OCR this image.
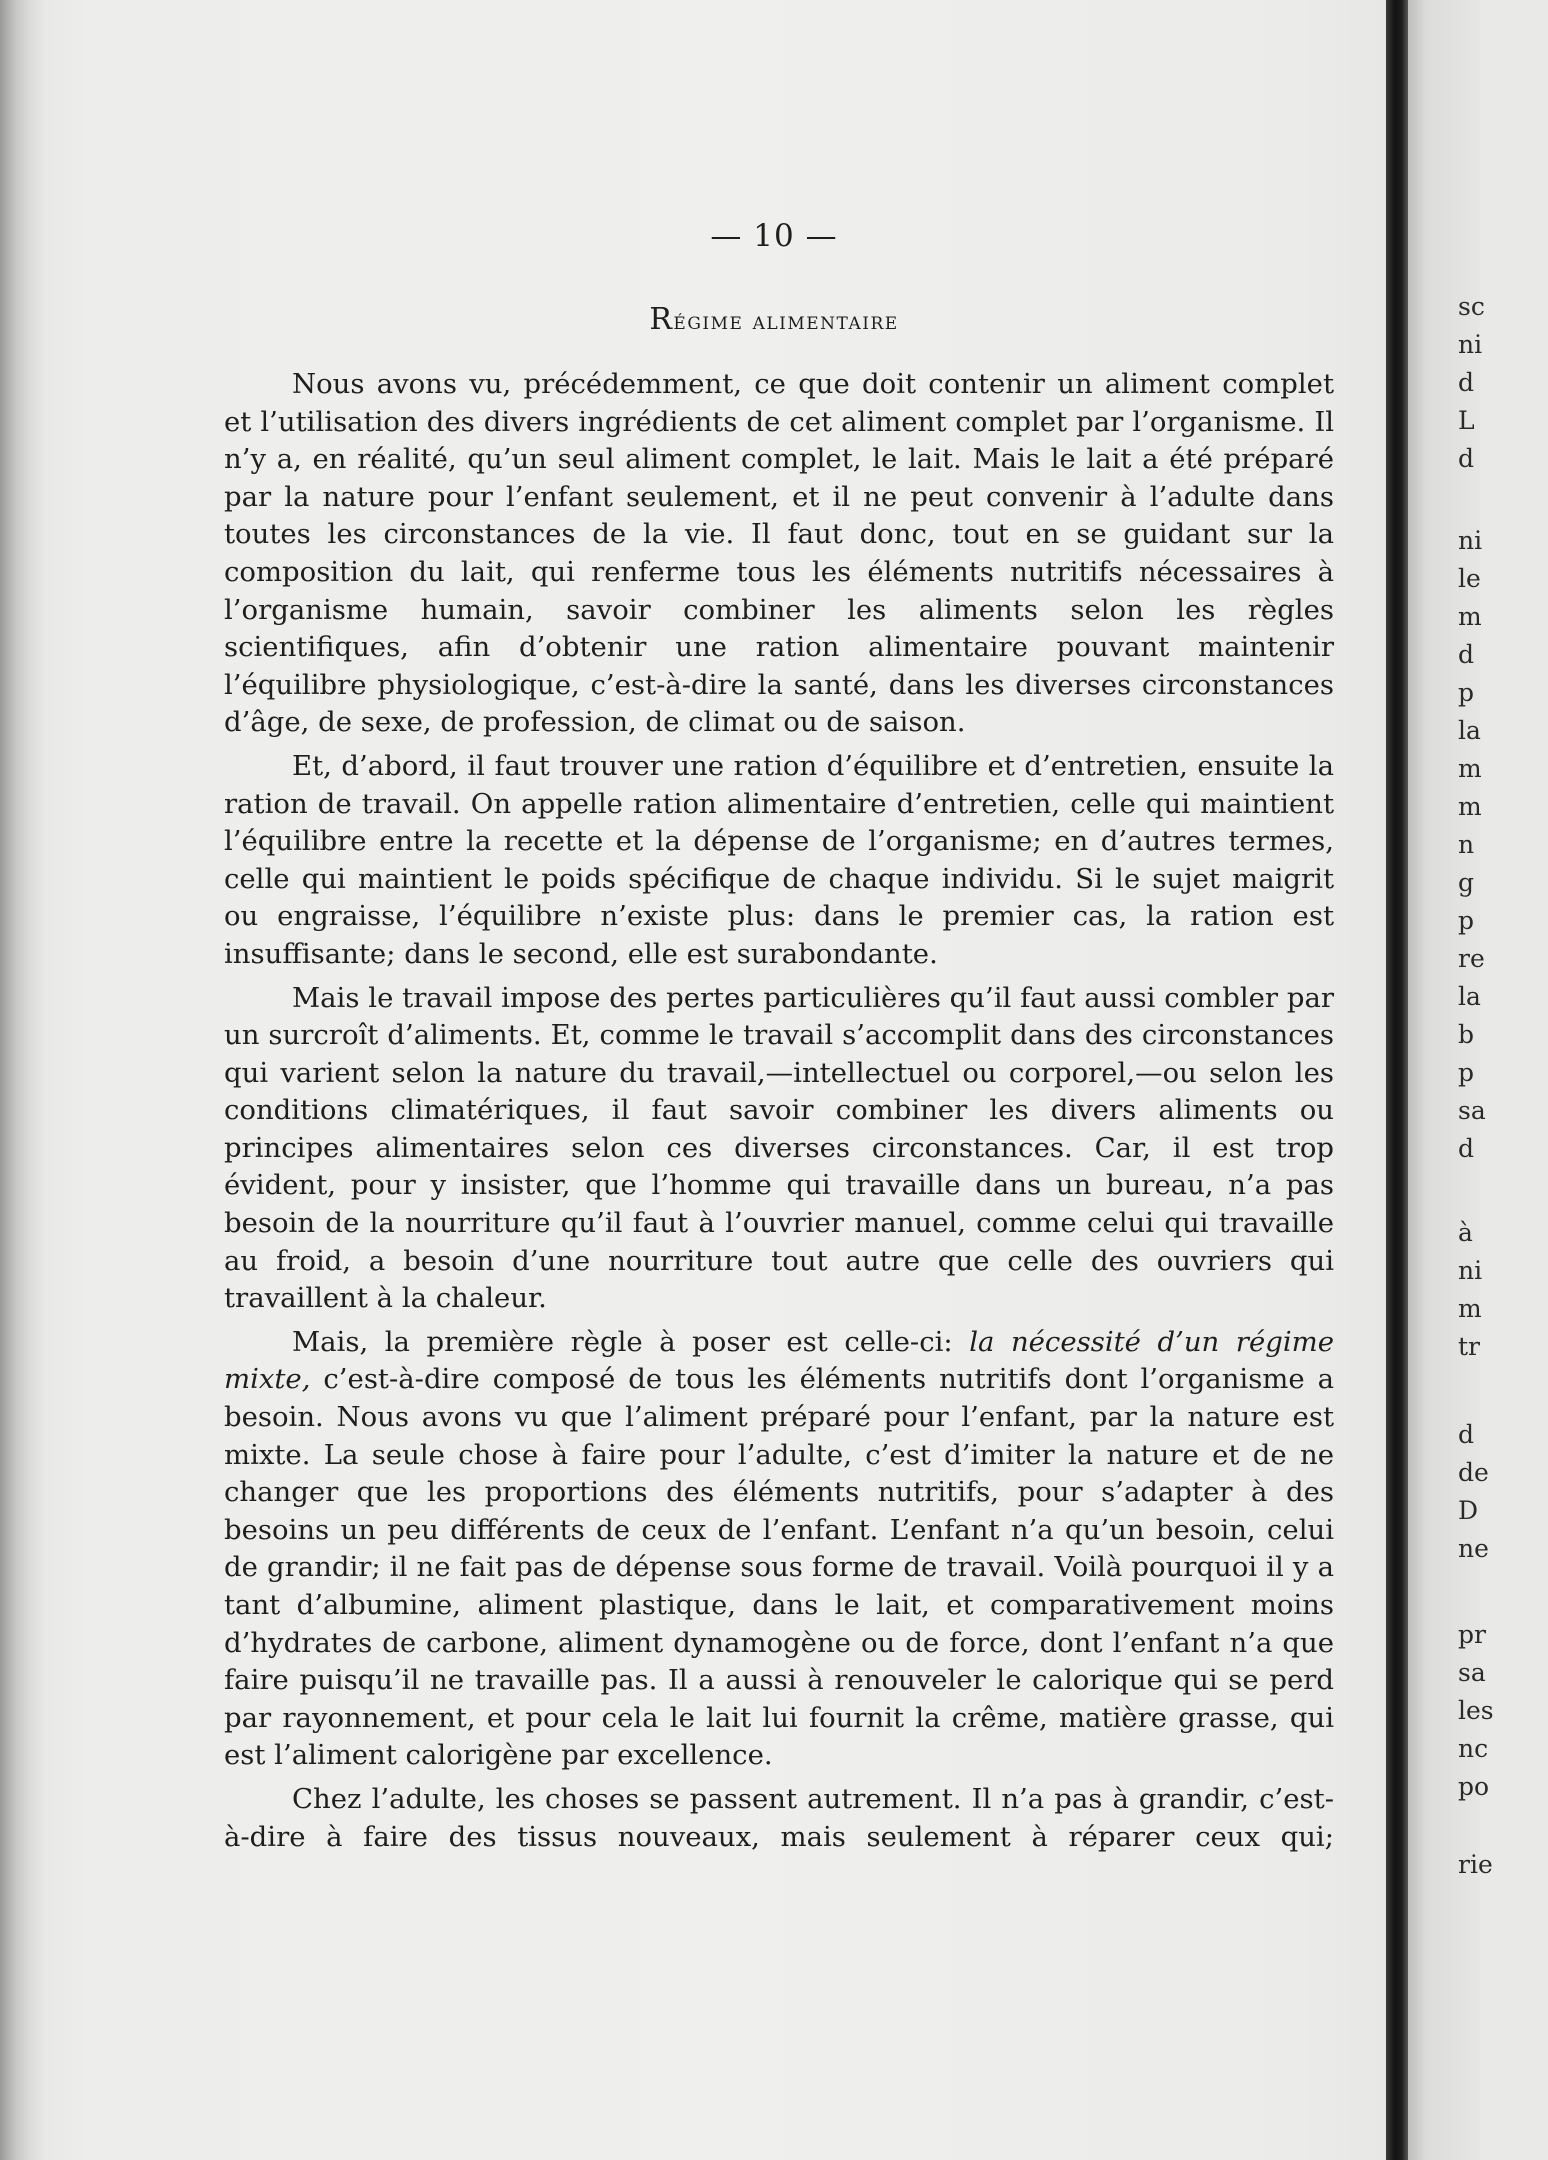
— 10 —
Régime alimentaire

Nous avons vu, précédemment, ce que doit contenir un aliment complet et l’utilisation des divers ingrédients de cet aliment complet par l’organisme. Il n’y a, en réalité, qu’un seul aliment complet, le lait. Mais le lait a été préparé par la nature pour l’enfant seulement, et il ne peut convenir à l’adulte dans toutes les circonstances de la vie. Il faut donc, tout en se guidant sur la composition du lait, qui renferme tous les éléments nutritifs nécessaires à l’organisme humain, savoir combiner les aliments selon les règles scientifiques, afin d’obtenir une ration alimentaire pouvant maintenir l’équilibre physiologique, c’est-à-dire la santé, dans les diverses circonstances d’âge, de sexe, de profession, de climat ou de saison.

Et, d’abord, il faut trouver une ration d’équilibre et d’entretien, ensuite la ration de travail. On appelle ration alimentaire d’entretien, celle qui maintient l’équilibre entre la recette et la dépense de l’organisme; en d’autres termes, celle qui maintient le poids spécifique de chaque individu. Si le sujet maigrit ou engraisse, l’équilibre n’existe plus: dans le premier cas, la ration est insuffisante; dans le second, elle est surabondante.

Mais le travail impose des pertes particulières qu’il faut aussi combler par un surcroît d’aliments. Et, comme le travail s’accomplit dans des circonstances qui varient selon la nature du travail,—intellectuel ou corporel,—ou selon les conditions climatériques, il faut savoir combiner les divers aliments ou principes alimentaires selon ces diverses circonstances. Car, il est trop évident, pour y insister, que l’homme qui travaille dans un bureau, n’a pas besoin de la nourriture qu’il faut à l’ouvrier manuel, comme celui qui travaille au froid, a besoin d’une nourriture tout autre que celle des ouvriers qui travaillent à la chaleur.

Mais, la première règle à poser est celle-ci: la nécessité d’un régime mixte, c’est-à-dire composé de tous les éléments nutritifs dont l’organisme a besoin. Nous avons vu que l’aliment préparé pour l’enfant, par la nature est mixte. La seule chose à faire pour l’adulte, c’est d’imiter la nature et de ne changer que les proportions des éléments nutritifs, pour s’adapter à des besoins un peu différents de ceux de l’enfant. L’enfant n’a qu’un besoin, celui de grandir; il ne fait pas de dépense sous forme de travail. Voilà pourquoi il y a tant d’albumine, aliment plastique, dans le lait, et comparativement moins d’hydrates de carbone, aliment dynamogène ou de force, dont l’enfant n’a que faire puisqu’il ne travaille pas. Il a aussi à renouveler le calorique qui se perd par rayonnement, et pour cela le lait lui fournit la crême, matière grasse, qui est l’aliment calorigène par excellence.

Chez l’adulte, les choses se passent autrement. Il n’a pas à grandir, c’est-à-dire à faire des tissus nouveaux, mais seulement à réparer ceux qui;

sc
ni
d
L
d
ni
le
m
d
p
la
m
m
n
g
p
re
la
b
p
sa
d
à
ni
m
tr
d
de
D
ne
pr
sa
les
nc
po
rie
